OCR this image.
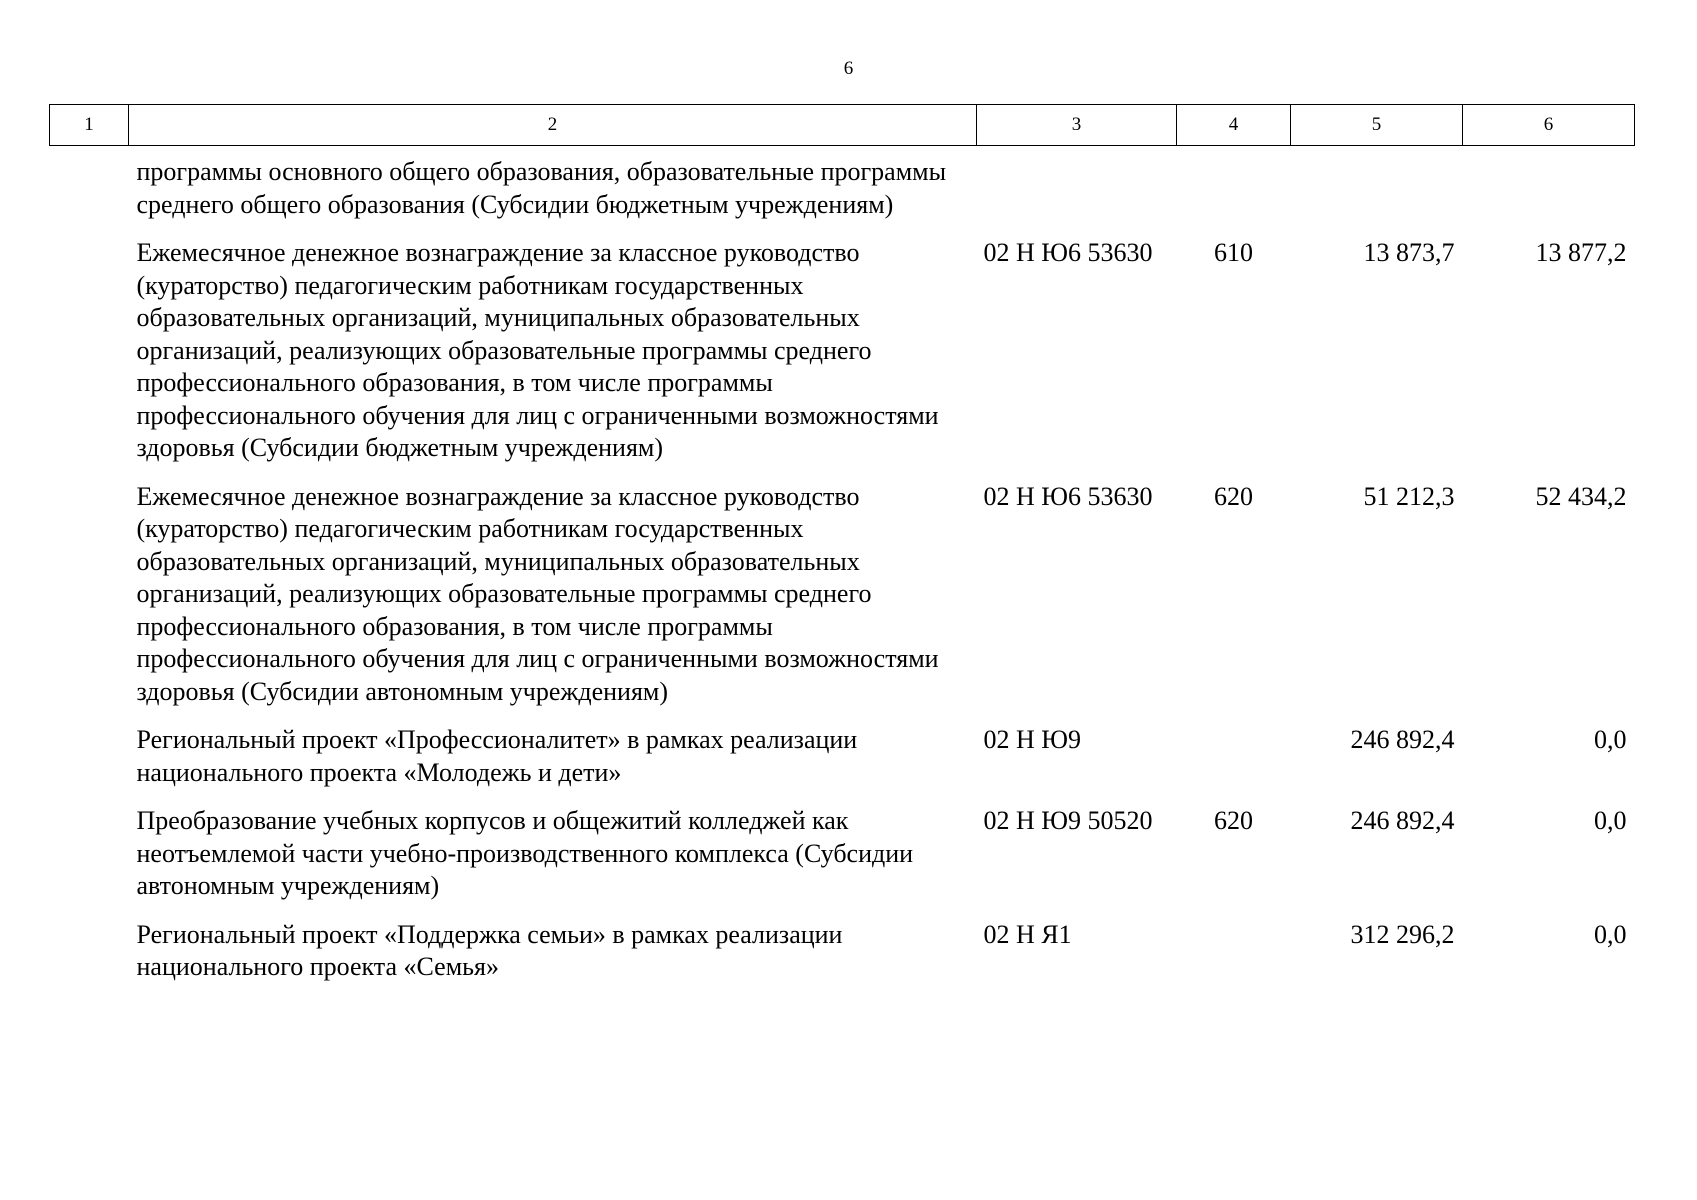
6
1	2	3	4	5	6
	программы основного общего образования, образовательные программы среднего общего образования (Субсидии бюджетным учреждениям)				
	Ежемесячное денежное вознаграждение за классное руководство (кураторство) педагогическим работникам государственных образовательных организаций, муниципальных образовательных организаций, реализующих образовательные программы среднего профессионального образования, в том числе программы профессионального обучения для лиц с ограниченными возможностями здоровья (Субсидии бюджетным учреждениям)	02 Н Ю6 53630	610	13 873,7	13 877,2
	Ежемесячное денежное вознаграждение за классное руководство (кураторство) педагогическим работникам государственных образовательных организаций, муниципальных образовательных организаций, реализующих образовательные программы среднего профессионального образования, в том числе программы профессионального обучения для лиц с ограниченными возможностями здоровья (Субсидии автономным учреждениям)	02 Н Ю6 53630	620	51 212,3	52 434,2
	Региональный проект «Профессионалитет» в рамках реализации национального проекта «Молодежь и дети»	02 Н Ю9		246 892,4	0,0
	Преобразование учебных корпусов и общежитий колледжей как неотъемлемой части учебно-производственного комплекса (Субсидии автономным учреждениям)	02 Н Ю9 50520	620	246 892,4	0,0
	Региональный проект «Поддержка семьи» в рамках реализации национального проекта «Семья»	02 Н Я1		312 296,2	0,0
